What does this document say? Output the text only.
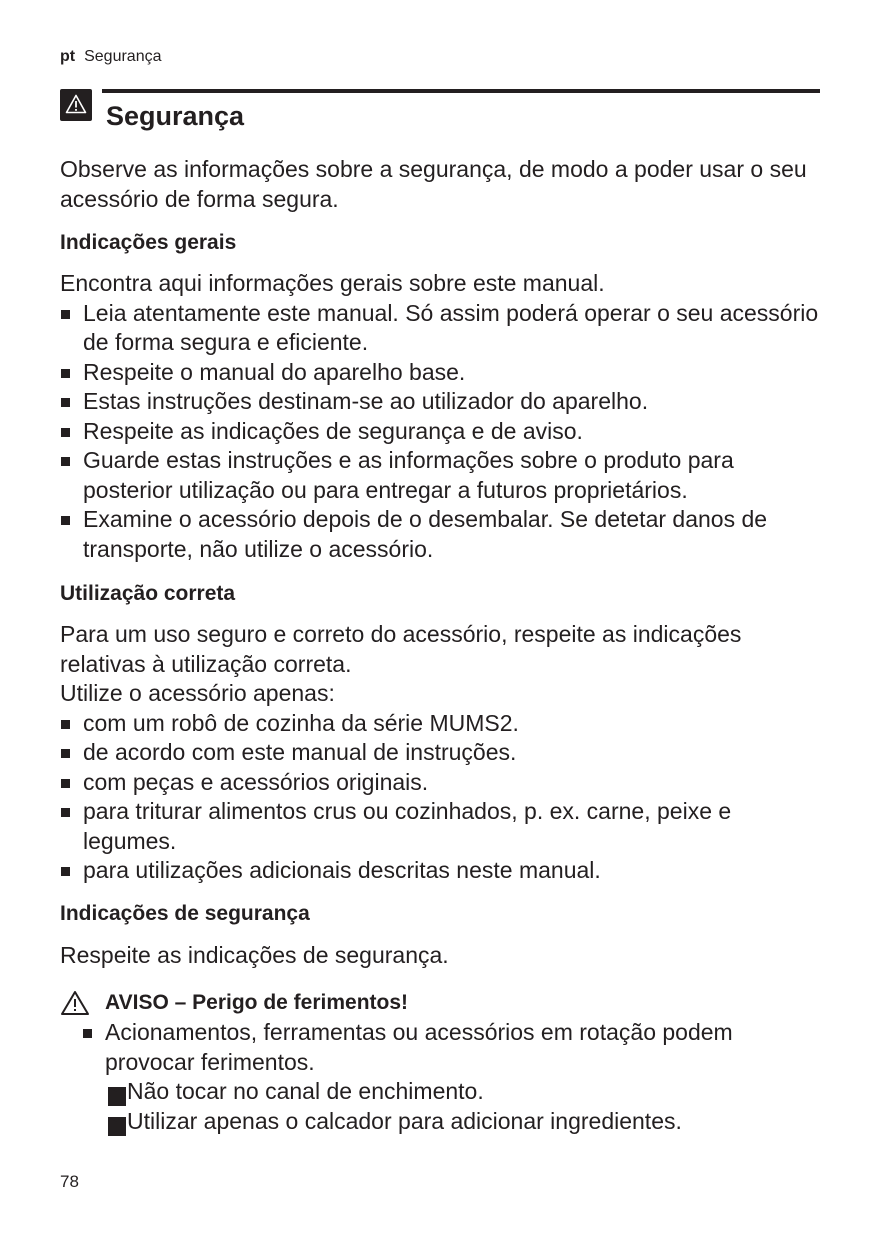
pt Segurança
Segurança

Observe as informações sobre a segurança, de modo a poder usar o seu acessório de forma segura.

Indicações gerais

Encontra aqui informações gerais sobre este manual.

Leia atentamente este manual. Só assim poderá operar o seu acessório de forma segura e eficiente.
Respeite o manual do aparelho base.
Estas instruções destinam-se ao utilizador do aparelho.
Respeite as indicações de segurança e de aviso.
Guarde estas instruções e as informações sobre o produto para posterior utilização ou para entregar a futuros proprietários.
Examine o acessório depois de o desembalar. Se detetar danos de transporte, não utilize o acessório.
Utilização correta

Para um uso seguro e correto do acessório, respeite as indicações relativas à utilização correta.

Utilize o acessório apenas:

com um robô de cozinha da série MUMS2.
de acordo com este manual de instruções.
com peças e acessórios originais.
para triturar alimentos crus ou cozinhados, p. ex. carne, peixe e legumes.
para utilizações adicionais descritas neste manual.
Indicações de segurança

Respeite as indicações de segurança.

AVISO – Perigo de ferimentos!
Acionamentos, ferramentas ou acessórios em rotação podem provocar ferimentos.
Não tocar no canal de enchimento.
Utilizar apenas o calcador para adicionar ingredientes.
78
